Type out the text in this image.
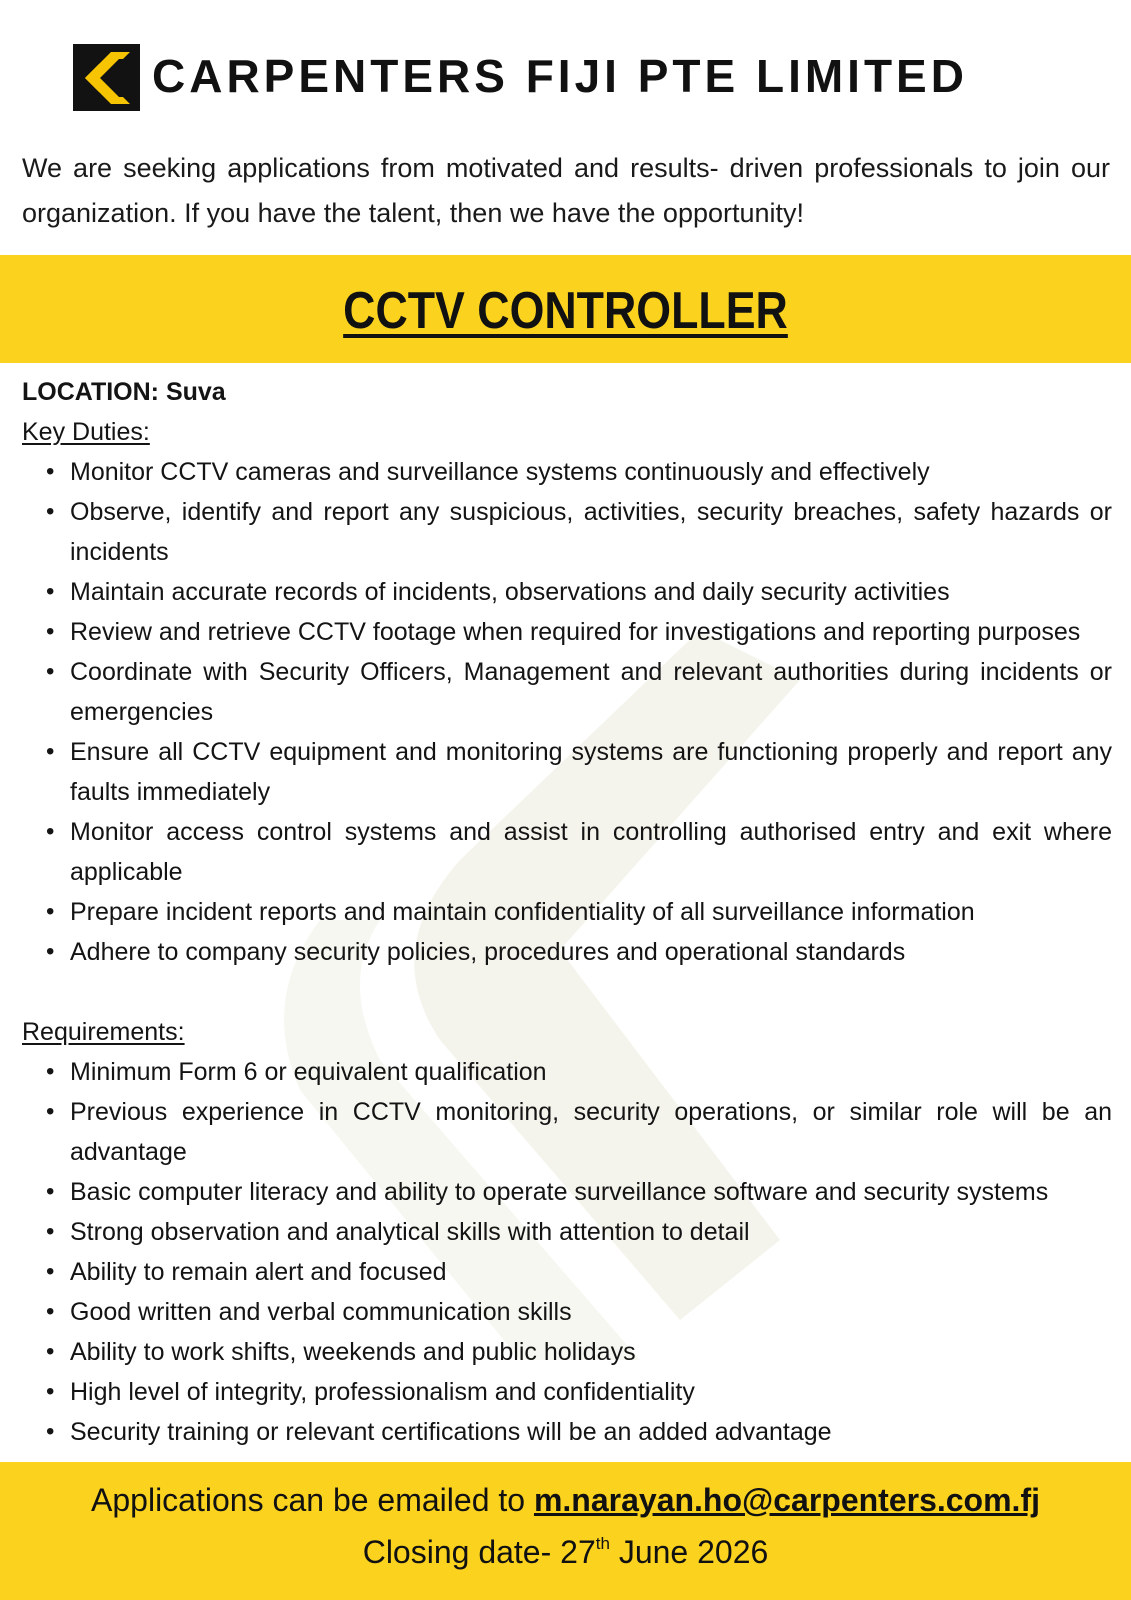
CARPENTERS FIJI PTE LIMITED

We are seeking applications from motivated and results- driven professionals to join our organization. If you have the talent, then we have the opportunity!

CCTV CONTROLLER
LOCATION: Suva
Key Duties:
• Monitor CCTV cameras and surveillance systems continuously and effectively
• Observe, identify and report any suspicious, activities, security breaches, safety hazards or incidents
• Maintain accurate records of incidents, observations and daily security activities
• Review and retrieve CCTV footage when required for investigations and reporting purposes
• Coordinate with Security Officers, Management and relevant authorities during incidents or emergencies
• Ensure all CCTV equipment and monitoring systems are functioning properly and report any faults immediately
• Monitor access control systems and assist in controlling authorised entry and exit where applicable
• Prepare incident reports and maintain confidentiality of all surveillance information
• Adhere to company security policies, procedures and operational standards
Requirements:
• Minimum Form 6 or equivalent qualification
• Previous experience in CCTV monitoring, security operations, or similar role will be an advantage
• Basic computer literacy and ability to operate surveillance software and security systems
• Strong observation and analytical skills with attention to detail
• Ability to remain alert and focused
• Good written and verbal communication skills
• Ability to work shifts, weekends and public holidays
• High level of integrity, professionalism and confidentiality
• Security training or relevant certifications will be an added advantage
Applications can be emailed to m.narayan.ho@carpenters.com.fj
Closing date- 27th June 2026
